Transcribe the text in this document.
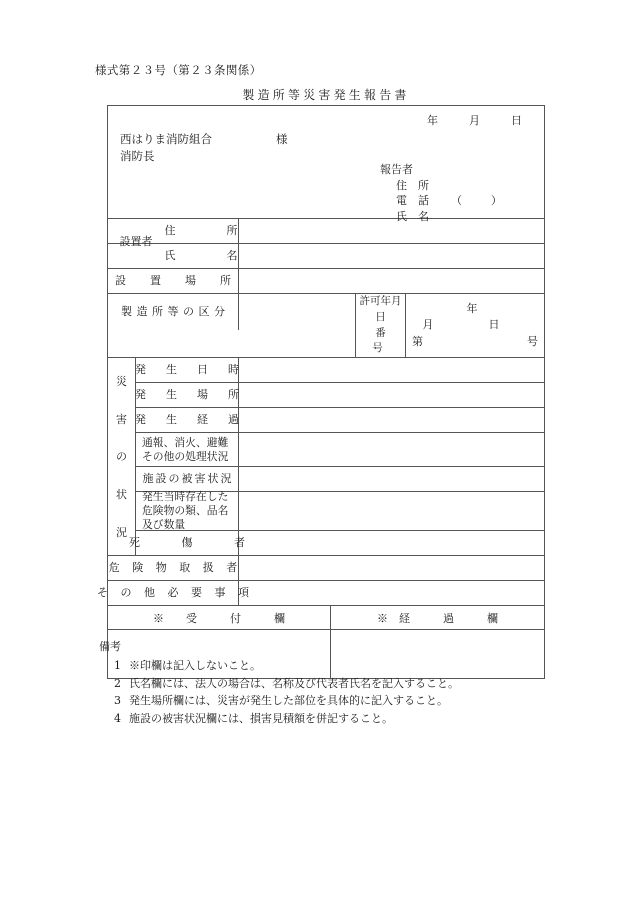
様式第２３号（第２３条関係）
製造所等災害発生報告書
年　月　日
西はりま消防組合
消防長
様
報告者
住　所
電　話 （　）
氏　名
設置者
住　　　所
氏　　　名
設　置　場　所
製造所等の区分
許可年月日
番　　号
年　月　日
第	号
災
害
の
状
況
発　生　日　時
発　生　場　所
発　生　経　過
通報、消火、避難
その他の処理状況
施設の被害状況
発生当時存在した
危険物の類、品名
及び数量
死　　傷　　者
危 険 物 取 扱 者
そ の 他 必 要 事 項
※　　受　　　付　　　欄	※　経　　　過　　　欄
備考
1 ※印欄は記入しないこと。
2 氏名欄には、法人の場合は、名称及び代表者氏名を記入すること。
3 発生場所欄には、災害が発生した部位を具体的に記入すること。
4 施設の被害状況欄には、損害見積額を併記すること。
